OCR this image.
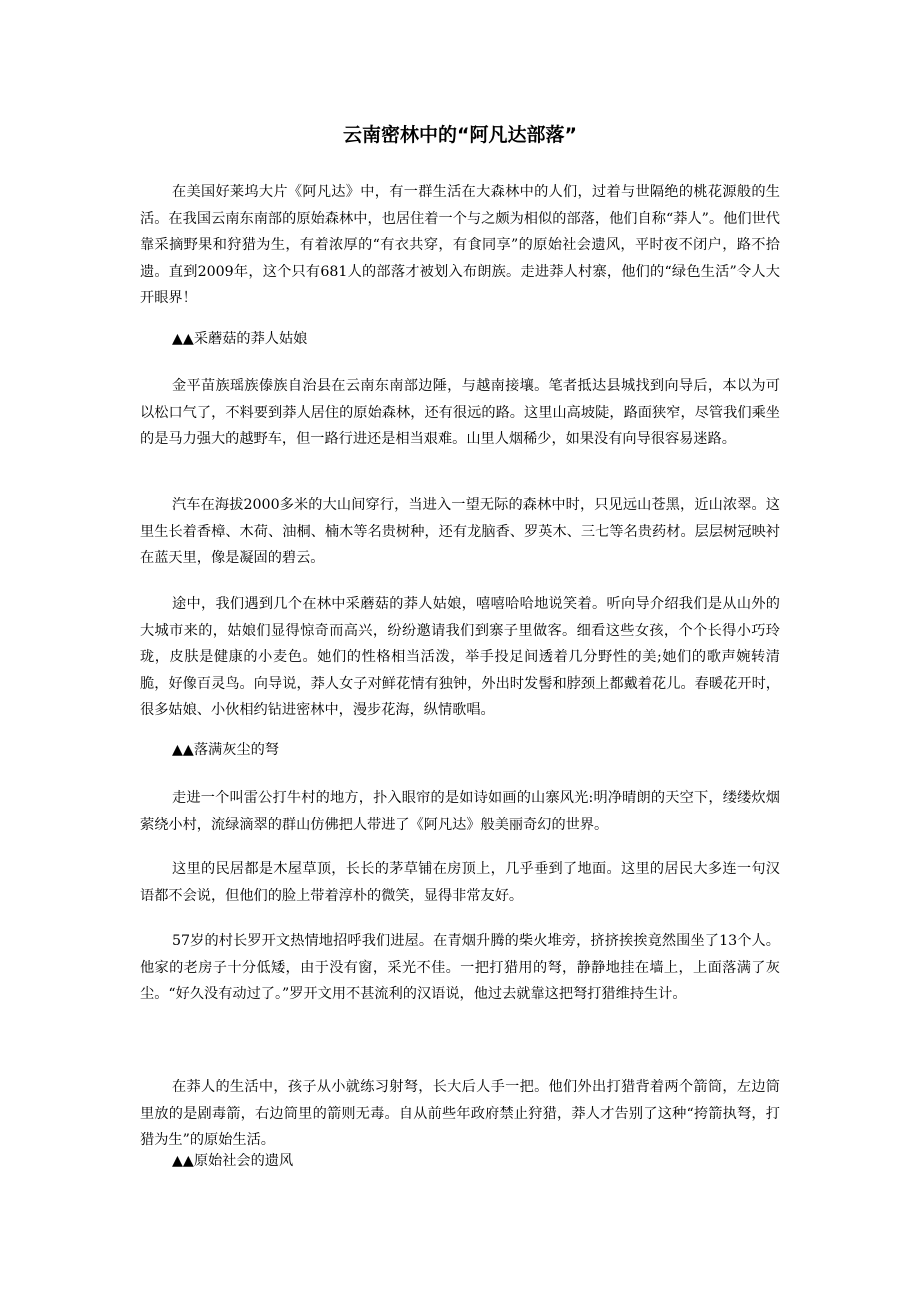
云南密林中的“阿凡达部落”

在美国好莱坞大片《阿凡达》中，有一群生活在大森林中的人们，过着与世隔绝的桃花源般的生活。在我国云南东南部的原始森林中，也居住着一个与之颇为相似的部落，他们自称“莽人”。他们世代靠采摘野果和狩猎为生，有着浓厚的“有衣共穿，有食同享”的原始社会遗风，平时夜不闭户，路不拾遗。直到2009年，这个只有681人的部落才被划入布朗族。走进莽人村寨，他们的“绿色生活”令人大开眼界！

▲▲采蘑菇的莽人姑娘

金平苗族瑶族傣族自治县在云南东南部边陲，与越南接壤。笔者抵达县城找到向导后，本以为可以松口气了，不料要到莽人居住的原始森林，还有很远的路。这里山高坡陡，路面狭窄，尽管我们乘坐的是马力强大的越野车，但一路行进还是相当艰难。山里人烟稀少，如果没有向导很容易迷路。

汽车在海拔2000多米的大山间穿行，当进入一望无际的森林中时，只见远山苍黑，近山浓翠。这里生长着香樟、木荷、油桐、楠木等名贵树种，还有龙脑香、罗英木、三七等名贵药材。层层树冠映衬在蓝天里，像是凝固的碧云。

途中，我们遇到几个在林中采蘑菇的莽人姑娘，嘻嘻哈哈地说笑着。听向导介绍我们是从山外的大城市来的，姑娘们显得惊奇而高兴，纷纷邀请我们到寨子里做客。细看这些女孩，个个长得小巧玲珑，皮肤是健康的小麦色。她们的性格相当活泼，举手投足间透着几分野性的美;她们的歌声婉转清脆，好像百灵鸟。向导说，莽人女子对鲜花情有独钟，外出时发髻和脖颈上都戴着花儿。春暖花开时，很多姑娘、小伙相约钻进密林中，漫步花海，纵情歌唱。

▲▲落满灰尘的弩

走进一个叫雷公打牛村的地方，扑入眼帘的是如诗如画的山寨风光:明净晴朗的天空下，缕缕炊烟萦绕小村，流绿滴翠的群山仿佛把人带进了《阿凡达》般美丽奇幻的世界。

这里的民居都是木屋草顶，长长的茅草铺在房顶上，几乎垂到了地面。这里的居民大多连一句汉语都不会说，但他们的脸上带着淳朴的微笑，显得非常友好。

57岁的村长罗开文热情地招呼我们进屋。在青烟升腾的柴火堆旁，挤挤挨挨竟然围坐了13个人。他家的老房子十分低矮，由于没有窗，采光不佳。一把打猎用的弩，静静地挂在墙上，上面落满了灰尘。“好久没有动过了。”罗开文用不甚流利的汉语说，他过去就靠这把弩打猎维持生计。

在莽人的生活中，孩子从小就练习射弩，长大后人手一把。他们外出打猎背着两个箭筒，左边筒里放的是剧毒箭，右边筒里的箭则无毒。自从前些年政府禁止狩猎，莽人才告别了这种“挎箭执弩，打猎为生”的原始生活。

▲▲原始社会的遗风
